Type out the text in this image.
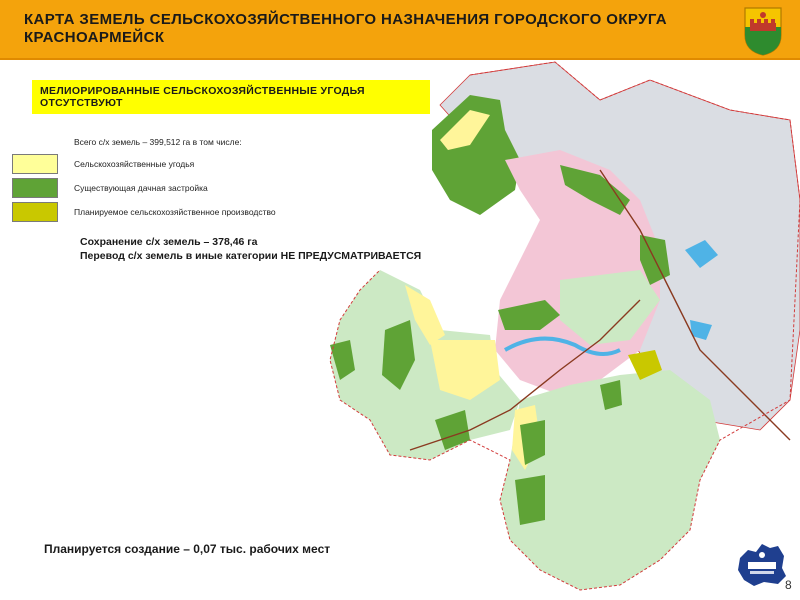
КАРТА ЗЕМЕЛЬ СЕЛЬСКОХОЗЯЙСТВЕННОГО НАЗНАЧЕНИЯ ГОРОДСКОГО ОКРУГА
КРАСНОАРМЕЙСК
МЕЛИОРИРОВАННЫЕ СЕЛЬСКОХОЗЯЙСТВЕННЫЕ УГОДЬЯ
ОТСУТСТВУЮТ
Всего с/х земель – 399,512 га в том числе:
Сельскохозяйственные угодья
Существующая дачная застройка
Планируемое сельскохозяйственное производство
Сохранение с/х земель – 378,46 га
Перевод с/х земель в иные категории НЕ ПРЕДУСМАТРИВАЕТСЯ
Планируется создание – 0,07 тыс. рабочих мест
8
